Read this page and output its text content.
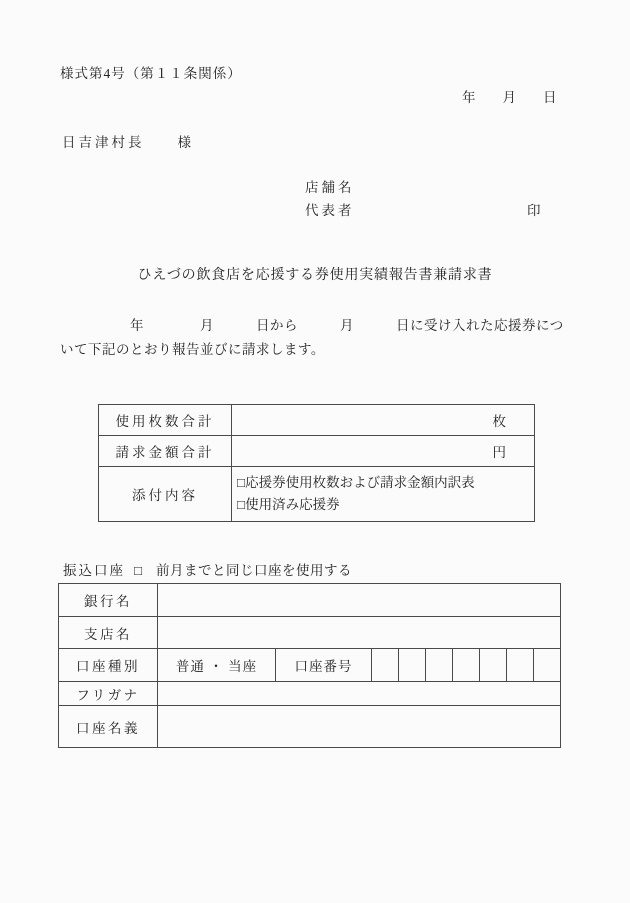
様式第4号（第１１条関係）
年　　月　　日
日吉津村長　　様
店舗名
代表者	印
ひえづの飲食店を応援する券使用実績報告書兼請求書
　　　　　年　　　　月　　　日から　　　月　　　日に受け入れた応援券につ
いて下記のとおり報告並びに請求します。
使用枚数合計	枚
請求金額合計	円
添付内容	□応援券使用枚数および請求金額内訳表
□使用済み応援券
振込口座 □ 前月までと同じ口座を使用する
銀行名									
支店名									
口座種別	普通 ・ 当座	口座番号							
フリガナ									
口座名義									
